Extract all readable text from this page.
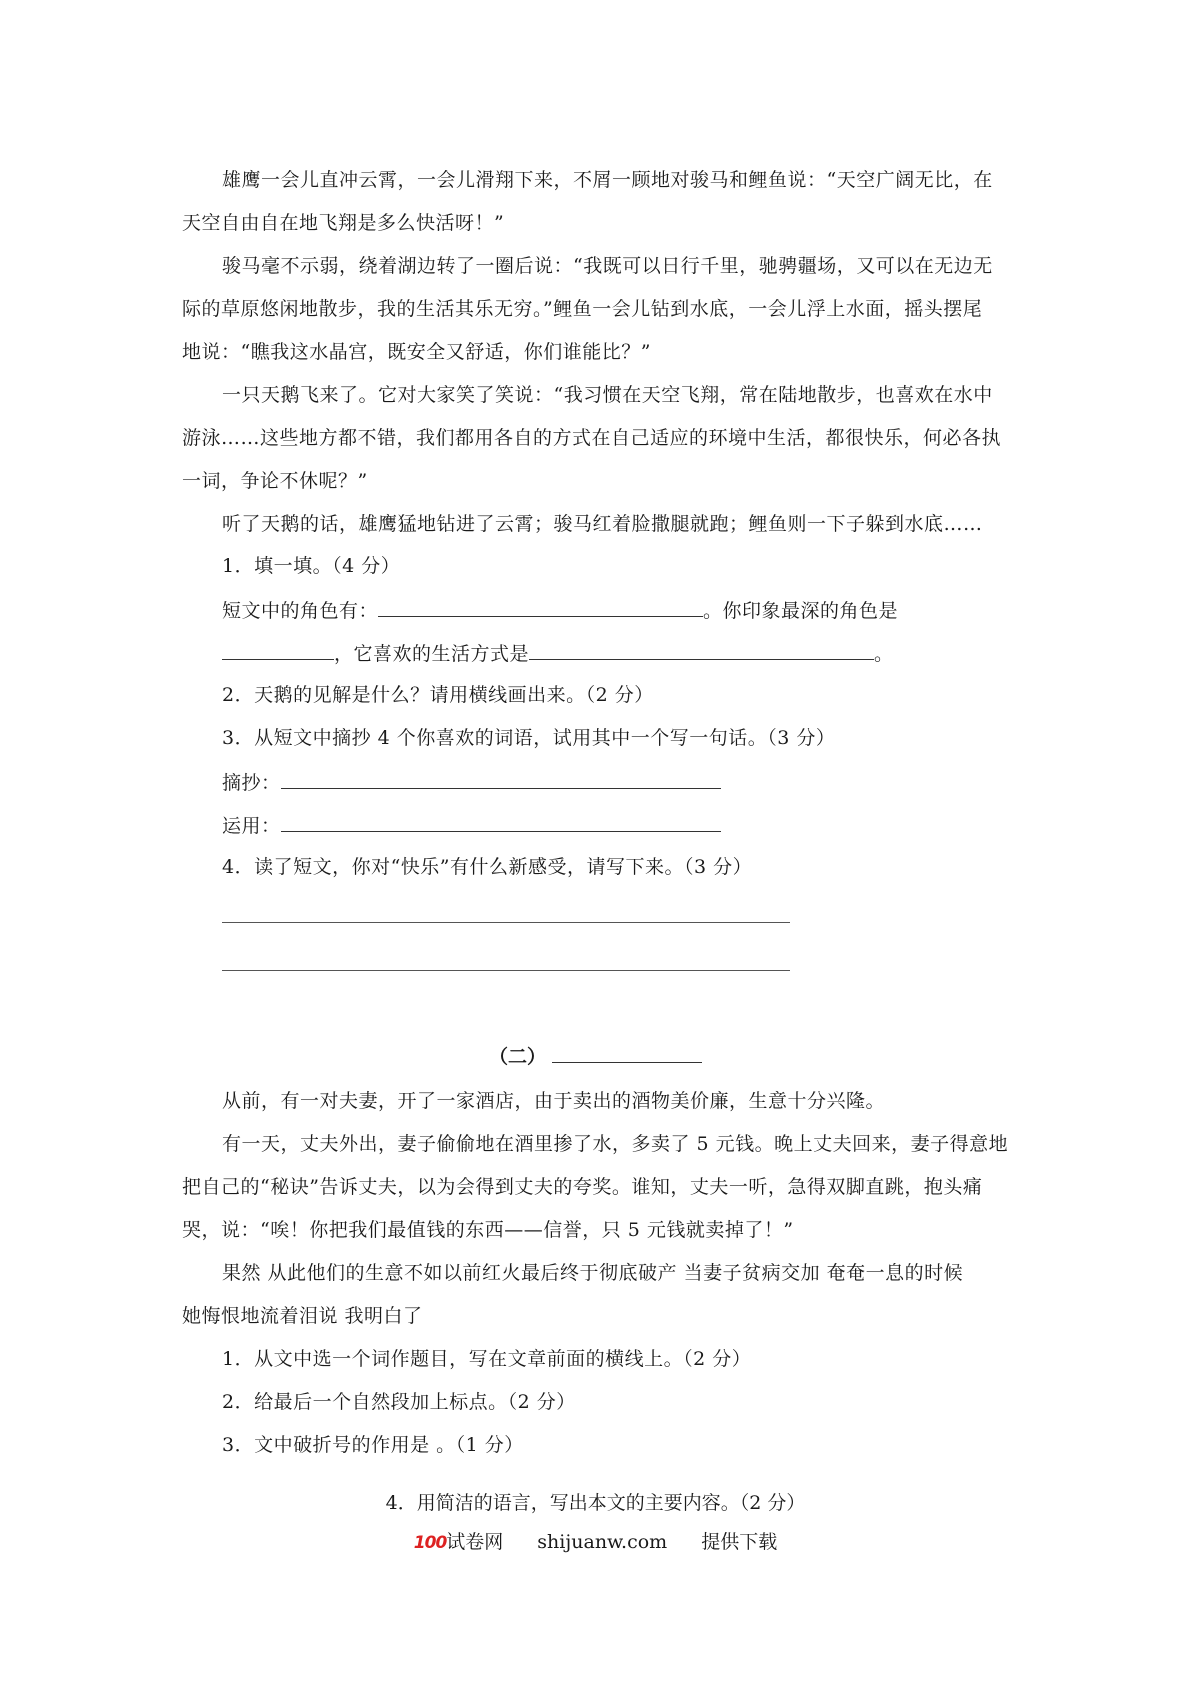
雄鹰一会儿直冲云霄，一会儿滑翔下来，不屑一顾地对骏马和鲤鱼说：“天空广阔无比，在
天空自由自在地飞翔是多么快活呀！”
骏马毫不示弱，绕着湖边转了一圈后说：“我既可以日行千里，驰骋疆场，又可以在无边无
际的草原悠闲地散步，我的生活其乐无穷。”鲤鱼一会儿钻到水底，一会儿浮上水面，摇头摆尾
地说：“瞧我这水晶宫，既安全又舒适，你们谁能比？”
一只天鹅飞来了。它对大家笑了笑说：“我习惯在天空飞翔，常在陆地散步，也喜欢在水中
游泳……这些地方都不错，我们都用各自的方式在自己适应的环境中生活，都很快乐，何必各执
一词，争论不休呢？”
听了天鹅的话，雄鹰猛地钻进了云霄；骏马红着脸撒腿就跑；鲤鱼则一下子躲到水底……
1．填一填。（4 分）
短文中的角色有：	。你印象最深的角色是
，它喜欢的生活方式是	。
2．天鹅的见解是什么？请用横线画出来。（2 分）
3．从短文中摘抄 4 个你喜欢的词语，试用其中一个写一句话。（3 分）
摘抄：
运用：
4．读了短文，你对“快乐”有什么新感受，请写下来。（3 分）
（二）
从前，有一对夫妻，开了一家酒店，由于卖出的酒物美价廉，生意十分兴隆。
有一天，丈夫外出，妻子偷偷地在酒里掺了水，多卖了 5 元钱。晚上丈夫回来，妻子得意地
把自己的“秘诀”告诉丈夫，以为会得到丈夫的夸奖。谁知，丈夫一听，急得双脚直跳，抱头痛
哭，说：“唉！你把我们最值钱的东西——信誉，只 5 元钱就卖掉了！”
果然 从此他们的生意不如以前红火最后终于彻底破产 当妻子贫病交加 奄奄一息的时候
她悔恨地流着泪说 我明白了
1．从文中选一个词作题目，写在文章前面的横线上。（2 分）
2．给最后一个自然段加上标点。（2 分）
3．文中破折号的作用是 。（1 分）
4．用简洁的语言，写出本文的主要内容。（2 分）
100试卷网 shijuanw.com 提供下载
